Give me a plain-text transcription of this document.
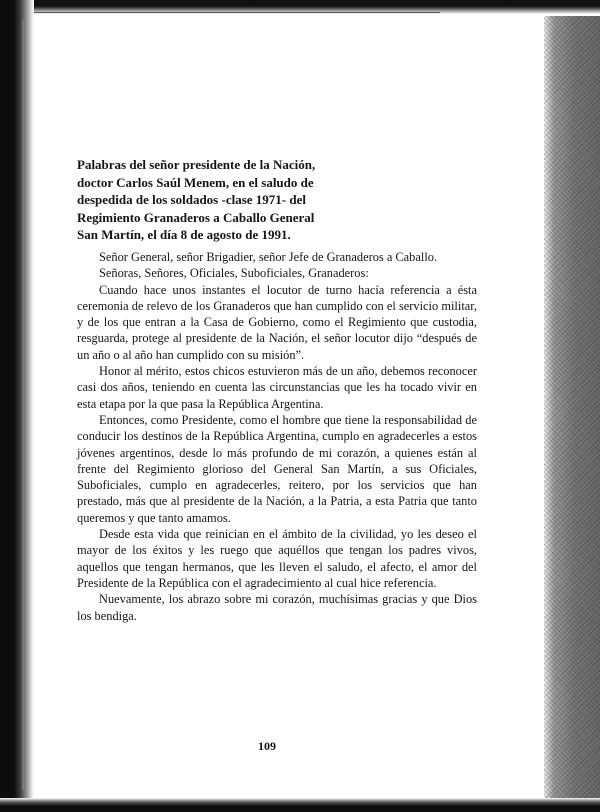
Palabras del señor presidente de la Nación, doctor Carlos Saúl Menem, en el saludo de despedida de los soldados -clase 1971- del Regimiento Granaderos a Caballo General San Martín, el día 8 de agosto de 1991.

Señor General, señor Brigadier, señor Jefe de Granaderos a Caballo.

Señoras, Señores, Oficiales, Suboficiales, Granaderos:

Cuando hace unos instantes el locutor de turno hacía referencia a ésta ceremonia de relevo de los Granaderos que han cumplido con el servicio militar, y de los que entran a la Casa de Gobierno, como el Regimiento que custodia, resguarda, protege al presidente de la Nación, el señor locutor dijo “después de un año o al año han cumplido con su misión”.

Honor al mérito, estos chicos estuvieron más de un año, debemos reconocer casi dos años, teniendo en cuenta las circunstancias que les ha tocado vivir en esta etapa por la que pasa la República Argentina.

Entonces, como Presidente, como el hombre que tiene la responsabilidad de conducir los destinos de la República Argentina, cumplo en agradecerles a estos jóvenes argentinos, desde lo más profundo de mi corazón, a quienes están al frente del Regimiento glorioso del General San Martín, a sus Oficiales, Suboficiales, cumplo en agradecerles, reitero, por los servicios que han prestado, más que al presidente de la Nación, a la Patria, a esta Patria que tanto queremos y que tanto amamos.

Desde esta vida que reinician en el ámbito de la civilidad, yo les deseo el mayor de los éxitos y les ruego que aquéllos que tengan los padres vivos, aquellos que tengan hermanos, que les lleven el saludo, el afecto, el amor del Presidente de la República con el agradecimiento al cual hice referencia.

Nuevamente, los abrazo sobre mi corazón, muchísimas gracias y que Dios los bendiga.

109
